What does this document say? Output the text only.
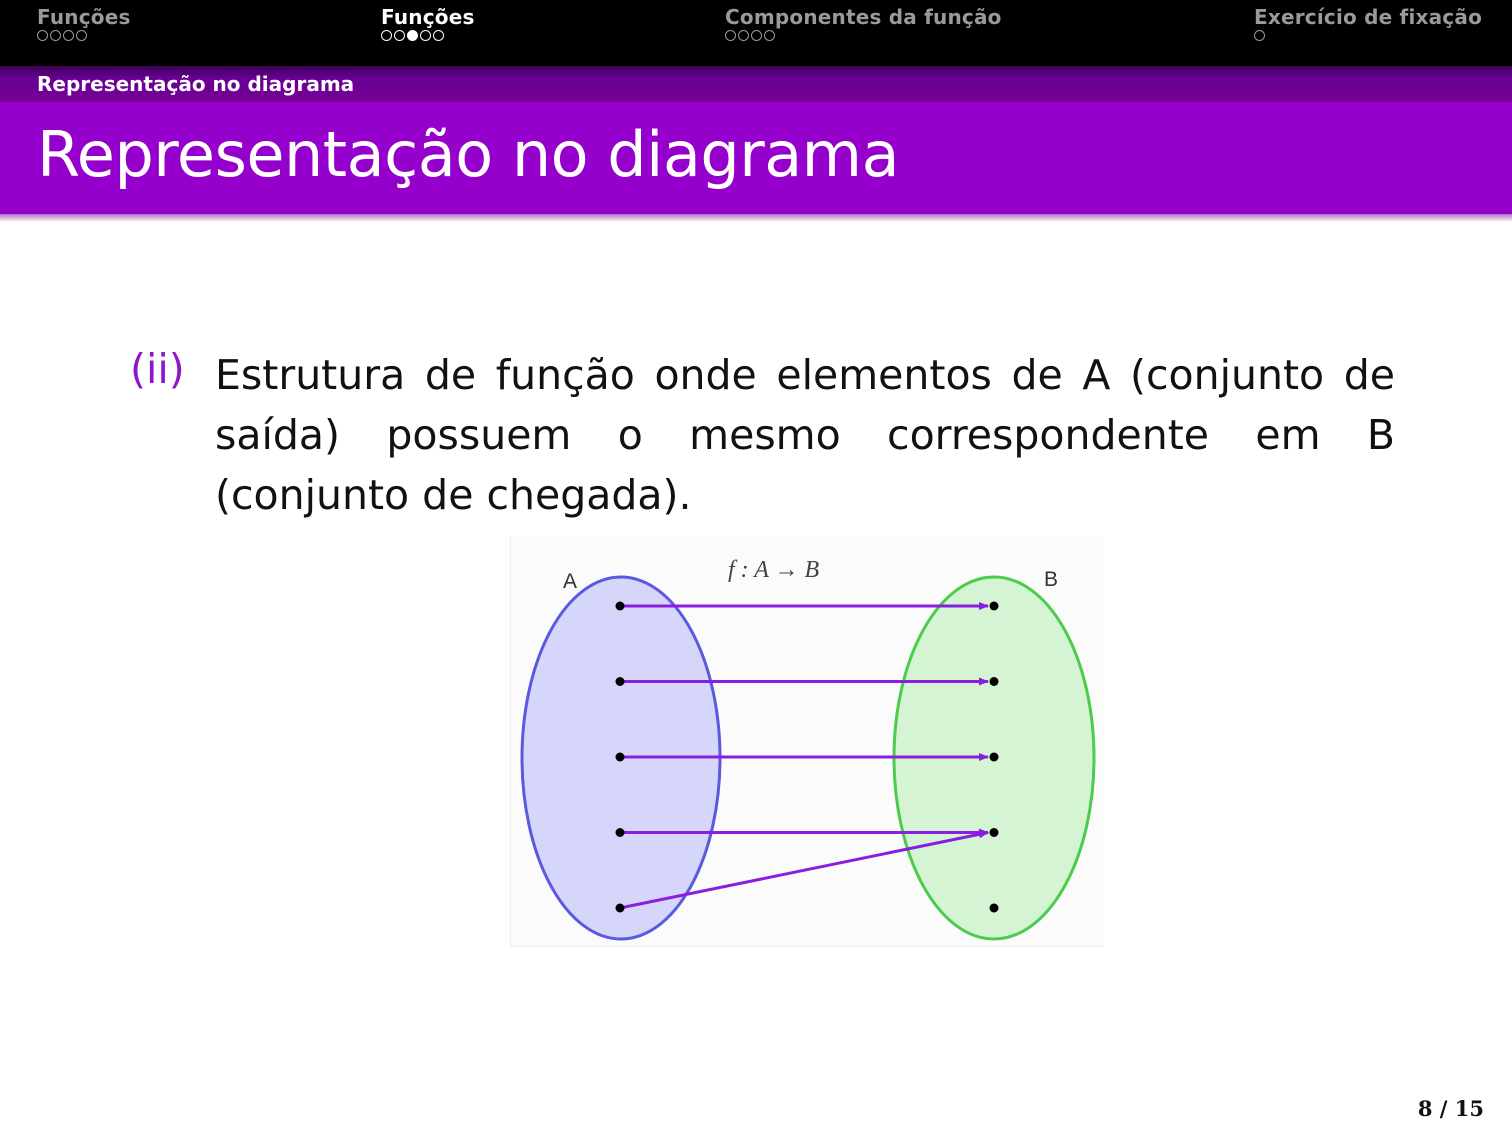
Funções	Funções	Componentes da função	Exercício de fixação
Representação no diagrama
Representação no diagrama
(ii) Estrutura de função onde elementos de A (conjunto de saída) possuem o mesmo correspondente em B (conjunto de chegada).
A	B
f : A → B
8 / 15
